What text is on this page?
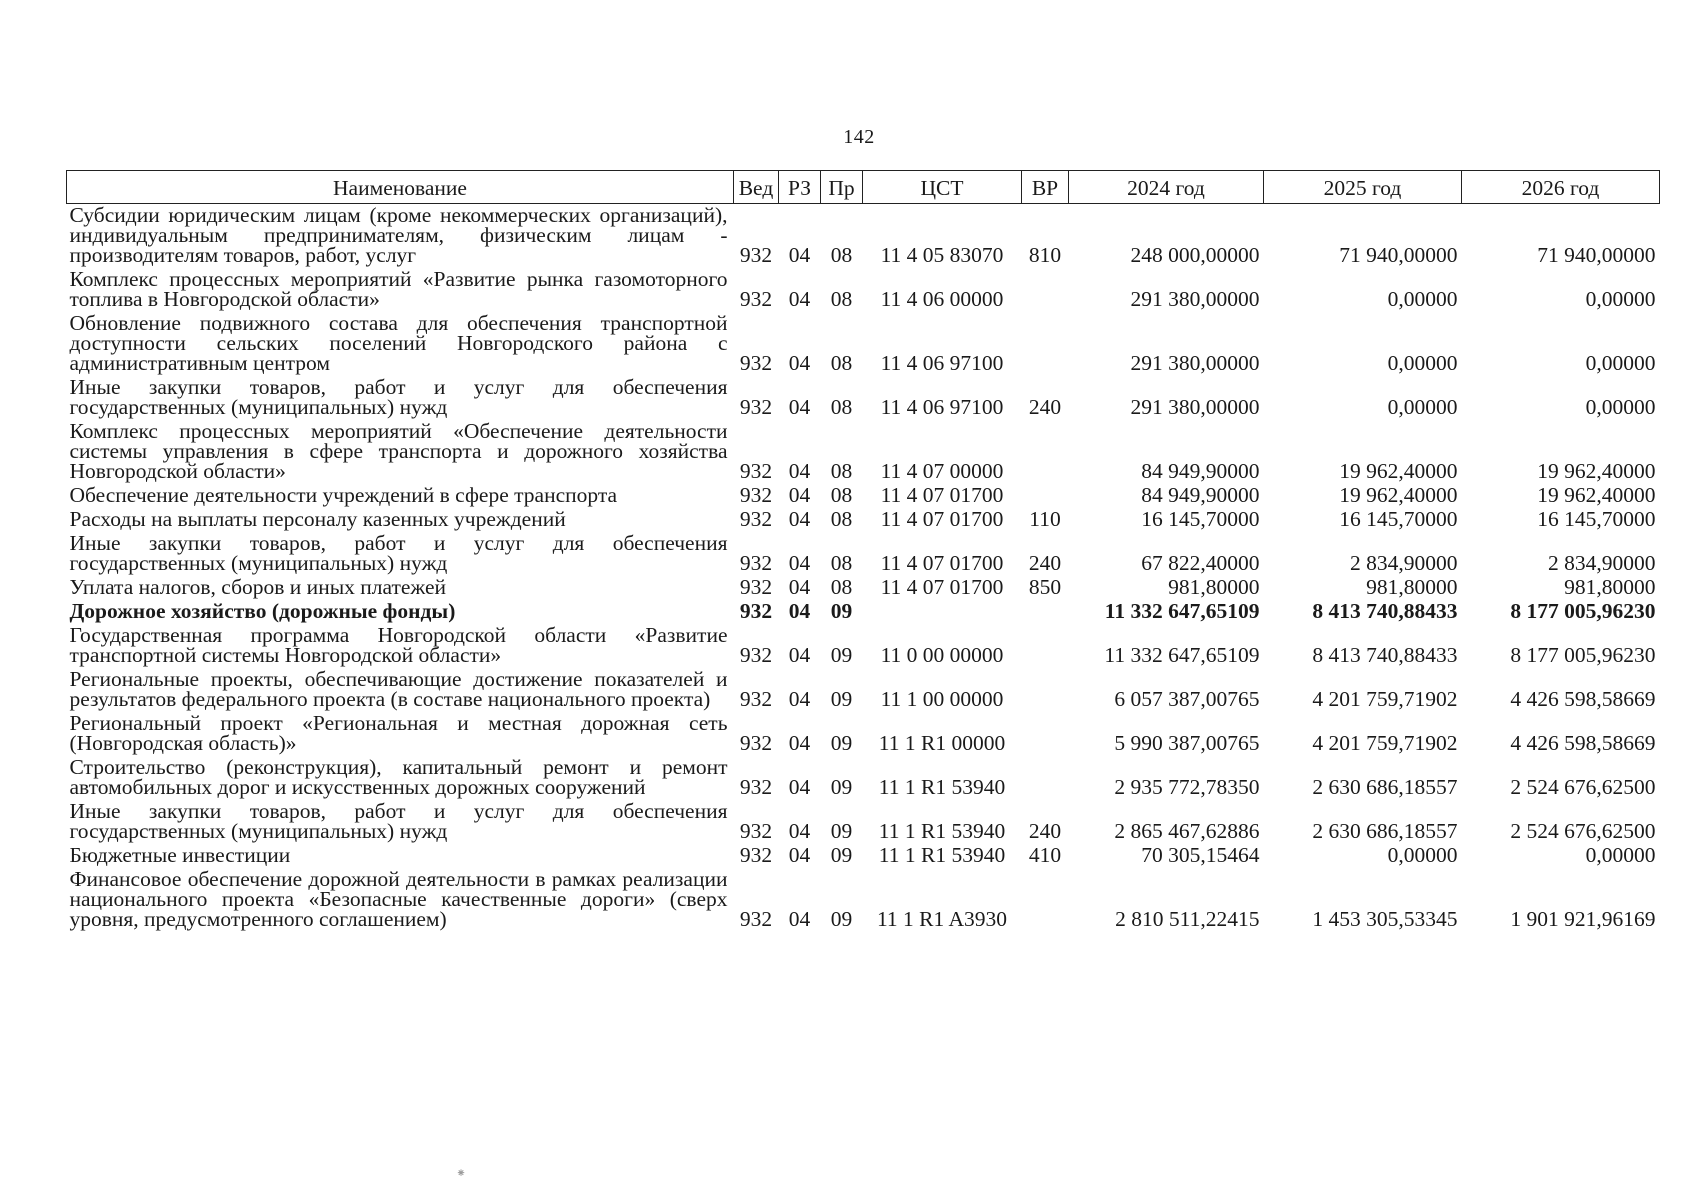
142
Наименование	Вед	РЗ	Пр	ЦСТ	ВР	2024 год	2025 год	2026 год
Субсидии юридическим лицам (кроме некоммерческих организаций), индивидуальным предпринимателям, физическим лицам - производителям товаров, работ, услуг	932	04	08	11 4 05 83070	810	248 000,00000	71 940,00000	71 940,00000
Комплекс процессных мероприятий «Развитие рынка газомоторного топлива в Новгородской области»	932	04	08	11 4 06 00000		291 380,00000	0,00000	0,00000
Обновление подвижного состава для обеспечения транспортной доступности сельских поселений Новгородского района с административным центром	932	04	08	11 4 06 97100		291 380,00000	0,00000	0,00000
Иные закупки товаров, работ и услуг для обеспечения государственных (муниципальных) нужд	932	04	08	11 4 06 97100	240	291 380,00000	0,00000	0,00000
Комплекс процессных мероприятий «Обеспечение деятельности системы управления в сфере транспорта и дорожного хозяйства Новгородской области»	932	04	08	11 4 07 00000		84 949,90000	19 962,40000	19 962,40000
Обеспечение деятельности учреждений в сфере транспорта	932	04	08	11 4 07 01700		84 949,90000	19 962,40000	19 962,40000
Расходы на выплаты персоналу казенных учреждений	932	04	08	11 4 07 01700	110	16 145,70000	16 145,70000	16 145,70000
Иные закупки товаров, работ и услуг для обеспечения государственных (муниципальных) нужд	932	04	08	11 4 07 01700	240	67 822,40000	2 834,90000	2 834,90000
Уплата налогов, сборов и иных платежей	932	04	08	11 4 07 01700	850	981,80000	981,80000	981,80000
Дорожное хозяйство (дорожные фонды)	932	04	09			11 332 647,65109	8 413 740,88433	8 177 005,96230
Государственная программа Новгородской области «Развитие транспортной системы Новгородской области»	932	04	09	11 0 00 00000		11 332 647,65109	8 413 740,88433	8 177 005,96230
Региональные проекты, обеспечивающие достижение показателей и результатов федерального проекта (в составе национального проекта)	932	04	09	11 1 00 00000		6 057 387,00765	4 201 759,71902	4 426 598,58669
Региональный проект «Региональная и местная дорожная сеть (Новгородская область)»	932	04	09	11 1 R1 00000		5 990 387,00765	4 201 759,71902	4 426 598,58669
Строительство (реконструкция), капитальный ремонт и ремонт автомобильных дорог и искусственных дорожных сооружений	932	04	09	11 1 R1 53940		2 935 772,78350	2 630 686,18557	2 524 676,62500
Иные закупки товаров, работ и услуг для обеспечения государственных (муниципальных) нужд	932	04	09	11 1 R1 53940	240	2 865 467,62886	2 630 686,18557	2 524 676,62500
Бюджетные инвестиции	932	04	09	11 1 R1 53940	410	70 305,15464	0,00000	0,00000
Финансовое обеспечение дорожной деятельности в рамках реализации национального проекта «Безопасные качественные дороги» (сверх уровня, предусмотренного соглашением)	932	04	09	11 1 R1 A3930		2 810 511,22415	1 453 305,53345	1 901 921,96169
⁕
